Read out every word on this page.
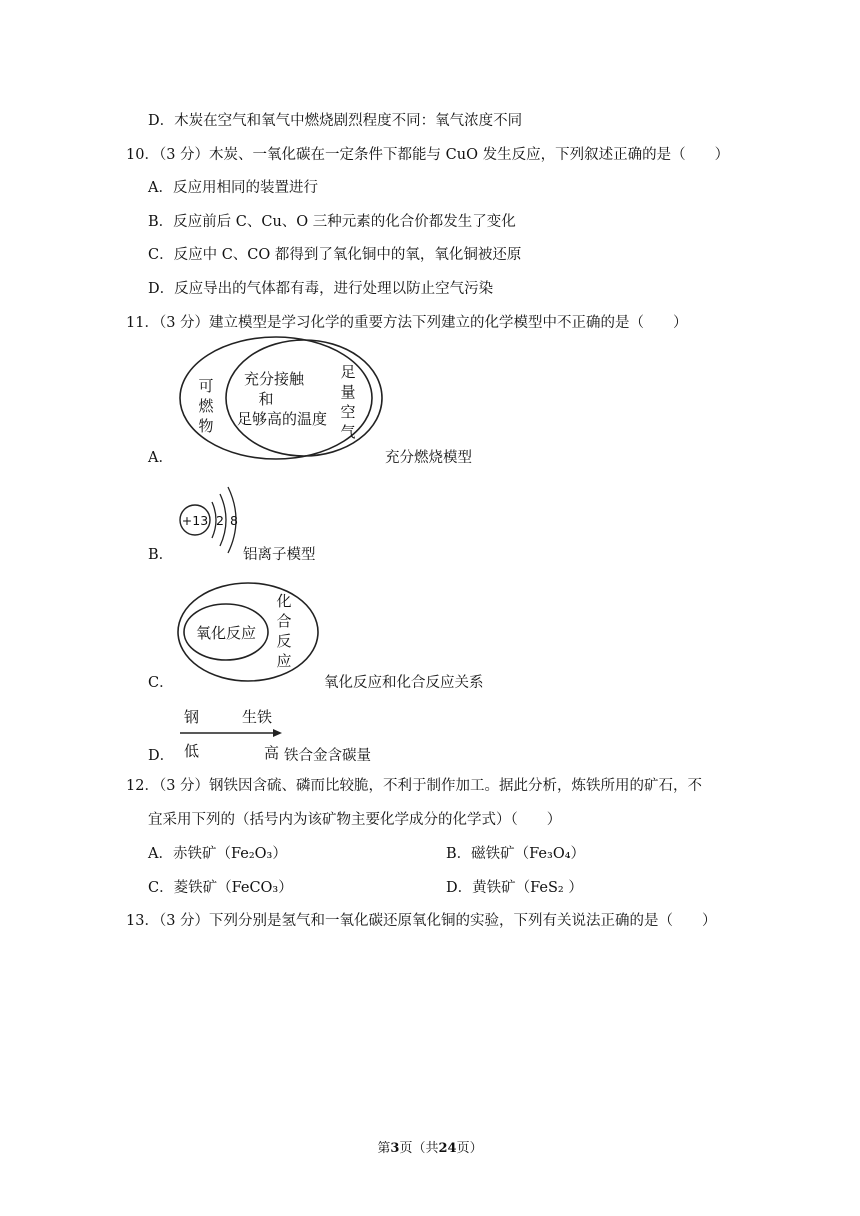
D．木炭在空气和氧气中燃烧剧烈程度不同：氧气浓度不同
10．（3 分）木炭、一氧化碳在一定条件下都能与 CuO 发生反应，下列叙述正确的是（　　）
A．反应用相同的装置进行
B．反应前后 C、Cu、O 三种元素的化合价都发生了变化
C．反应中 C、CO 都得到了氧化铜中的氧，氧化铜被还原
D．反应导出的气体都有毒，进行处理以防止空气污染
11．（3 分）建立模型是学习化学的重要方法下列建立的化学模型中不正确的是（　　）
A．
可
燃
物
充分接触
和
足够高的温度
足
量
空
气
充分燃烧模型
B．
+13 2 8
铝离子模型
C．
氧化反应
化
合
反
应
氧化反应和化合反应关系
D．
钢	生铁
低	高 铁合金含碳量
12．（3 分）钢铁因含硫、磷而比较脆，不利于制作加工。据此分析，炼铁所用的矿石，不
宜采用下列的（括号内为该矿物主要化学成分的化学式）（　　）
A．赤铁矿（Fe₂O₃）	B．磁铁矿（Fe₃O₄）
C．菱铁矿（FeCO₃）	D．黄铁矿（FeS₂ ）
13．（3 分）下列分别是氢气和一氧化碳还原氧化铜的实验，下列有关说法正确的是（　　）
第3页（共24页）
